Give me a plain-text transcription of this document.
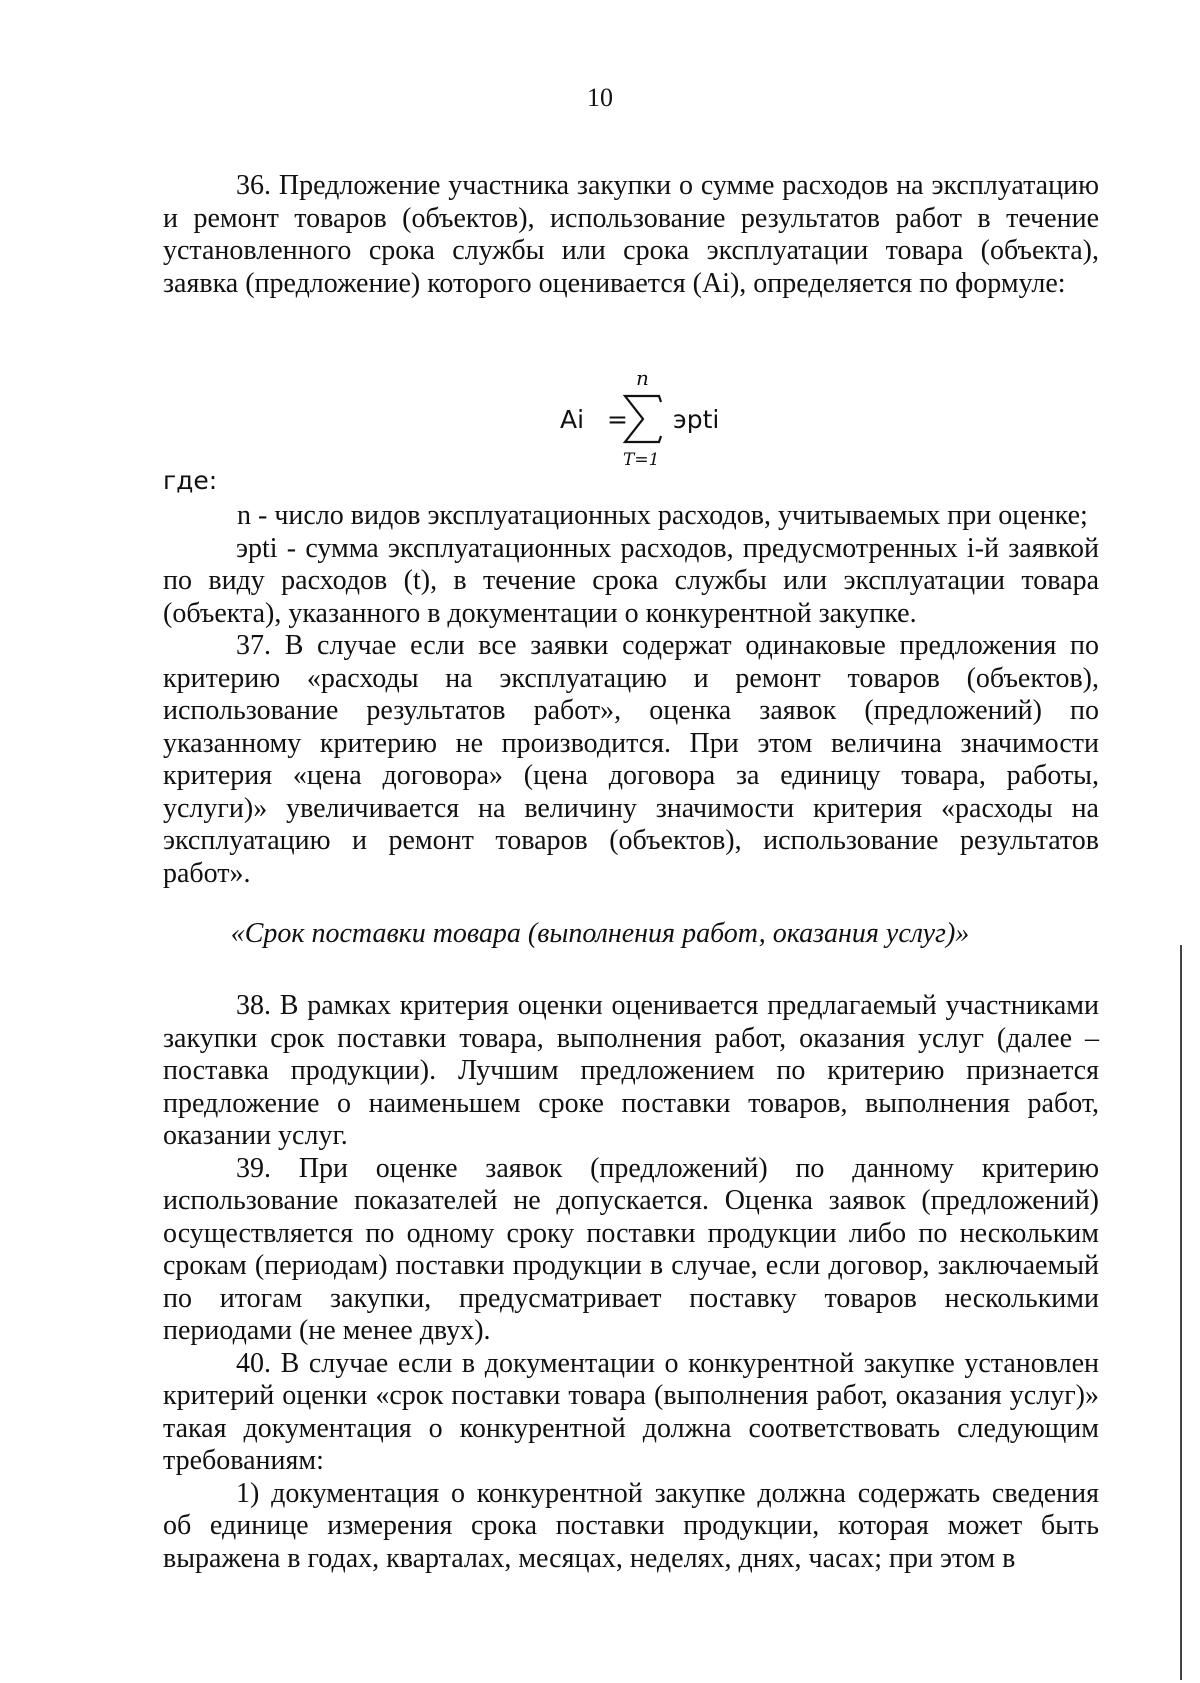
10

36. Предложение участника закупки о сумме расходов на эксплуатацию и ремонт товаров (объектов), использование результатов работ в течение установленного срока службы или срока эксплуатации товара (объекта), заявка (предложение) которого оценивается (Ai), определяется по формуле:

Ai =
n
T=1
эpti
где:

n - число видов эксплуатационных расходов, учитываемых при оценке;

эpti - сумма эксплуатационных расходов, предусмотренных i-й заявкой по виду расходов (t), в течение срока службы или эксплуатации товара (объекта), указанного в документации о конкурентной закупке.

37. В случае если все заявки содержат одинаковые предложения по критерию «расходы на эксплуатацию и ремонт товаров (объектов), использование результатов работ», оценка заявок (предложений) по указанному критерию не производится. При этом величина значимости критерия «цена договора» (цена договора за единицу товара, работы, услуги)» увеличивается на величину значимости критерия «расходы на эксплуатацию и ремонт товаров (объектов), использование результатов работ».

«Срок поставки товара (выполнения работ, оказания услуг)»

38. В рамках критерия оценки оценивается предлагаемый участниками закупки срок поставки товара, выполнения работ, оказания услуг (далее – поставка продукции). Лучшим предложением по критерию признается предложение о наименьшем сроке поставки товаров, выполнения работ, оказании услуг.

39. При оценке заявок (предложений) по данному критерию использование показателей не допускается. Оценка заявок (предложений) осуществляется по одному сроку поставки продукции либо по нескольким срокам (периодам) поставки продукции в случае, если договор, заключаемый по итогам закупки, предусматривает поставку товаров несколькими периодами (не менее двух).

40. В случае если в документации о конкурентной закупке установлен критерий оценки «срок поставки товара (выполнения работ, оказания услуг)» такая документация о конкурентной должна соответствовать следующим требованиям:

1) документация о конкурентной закупке должна содержать сведения об единице измерения срока поставки продукции, которая может быть выражена в годах, кварталах, месяцах, неделях, днях, часах; при этом в
